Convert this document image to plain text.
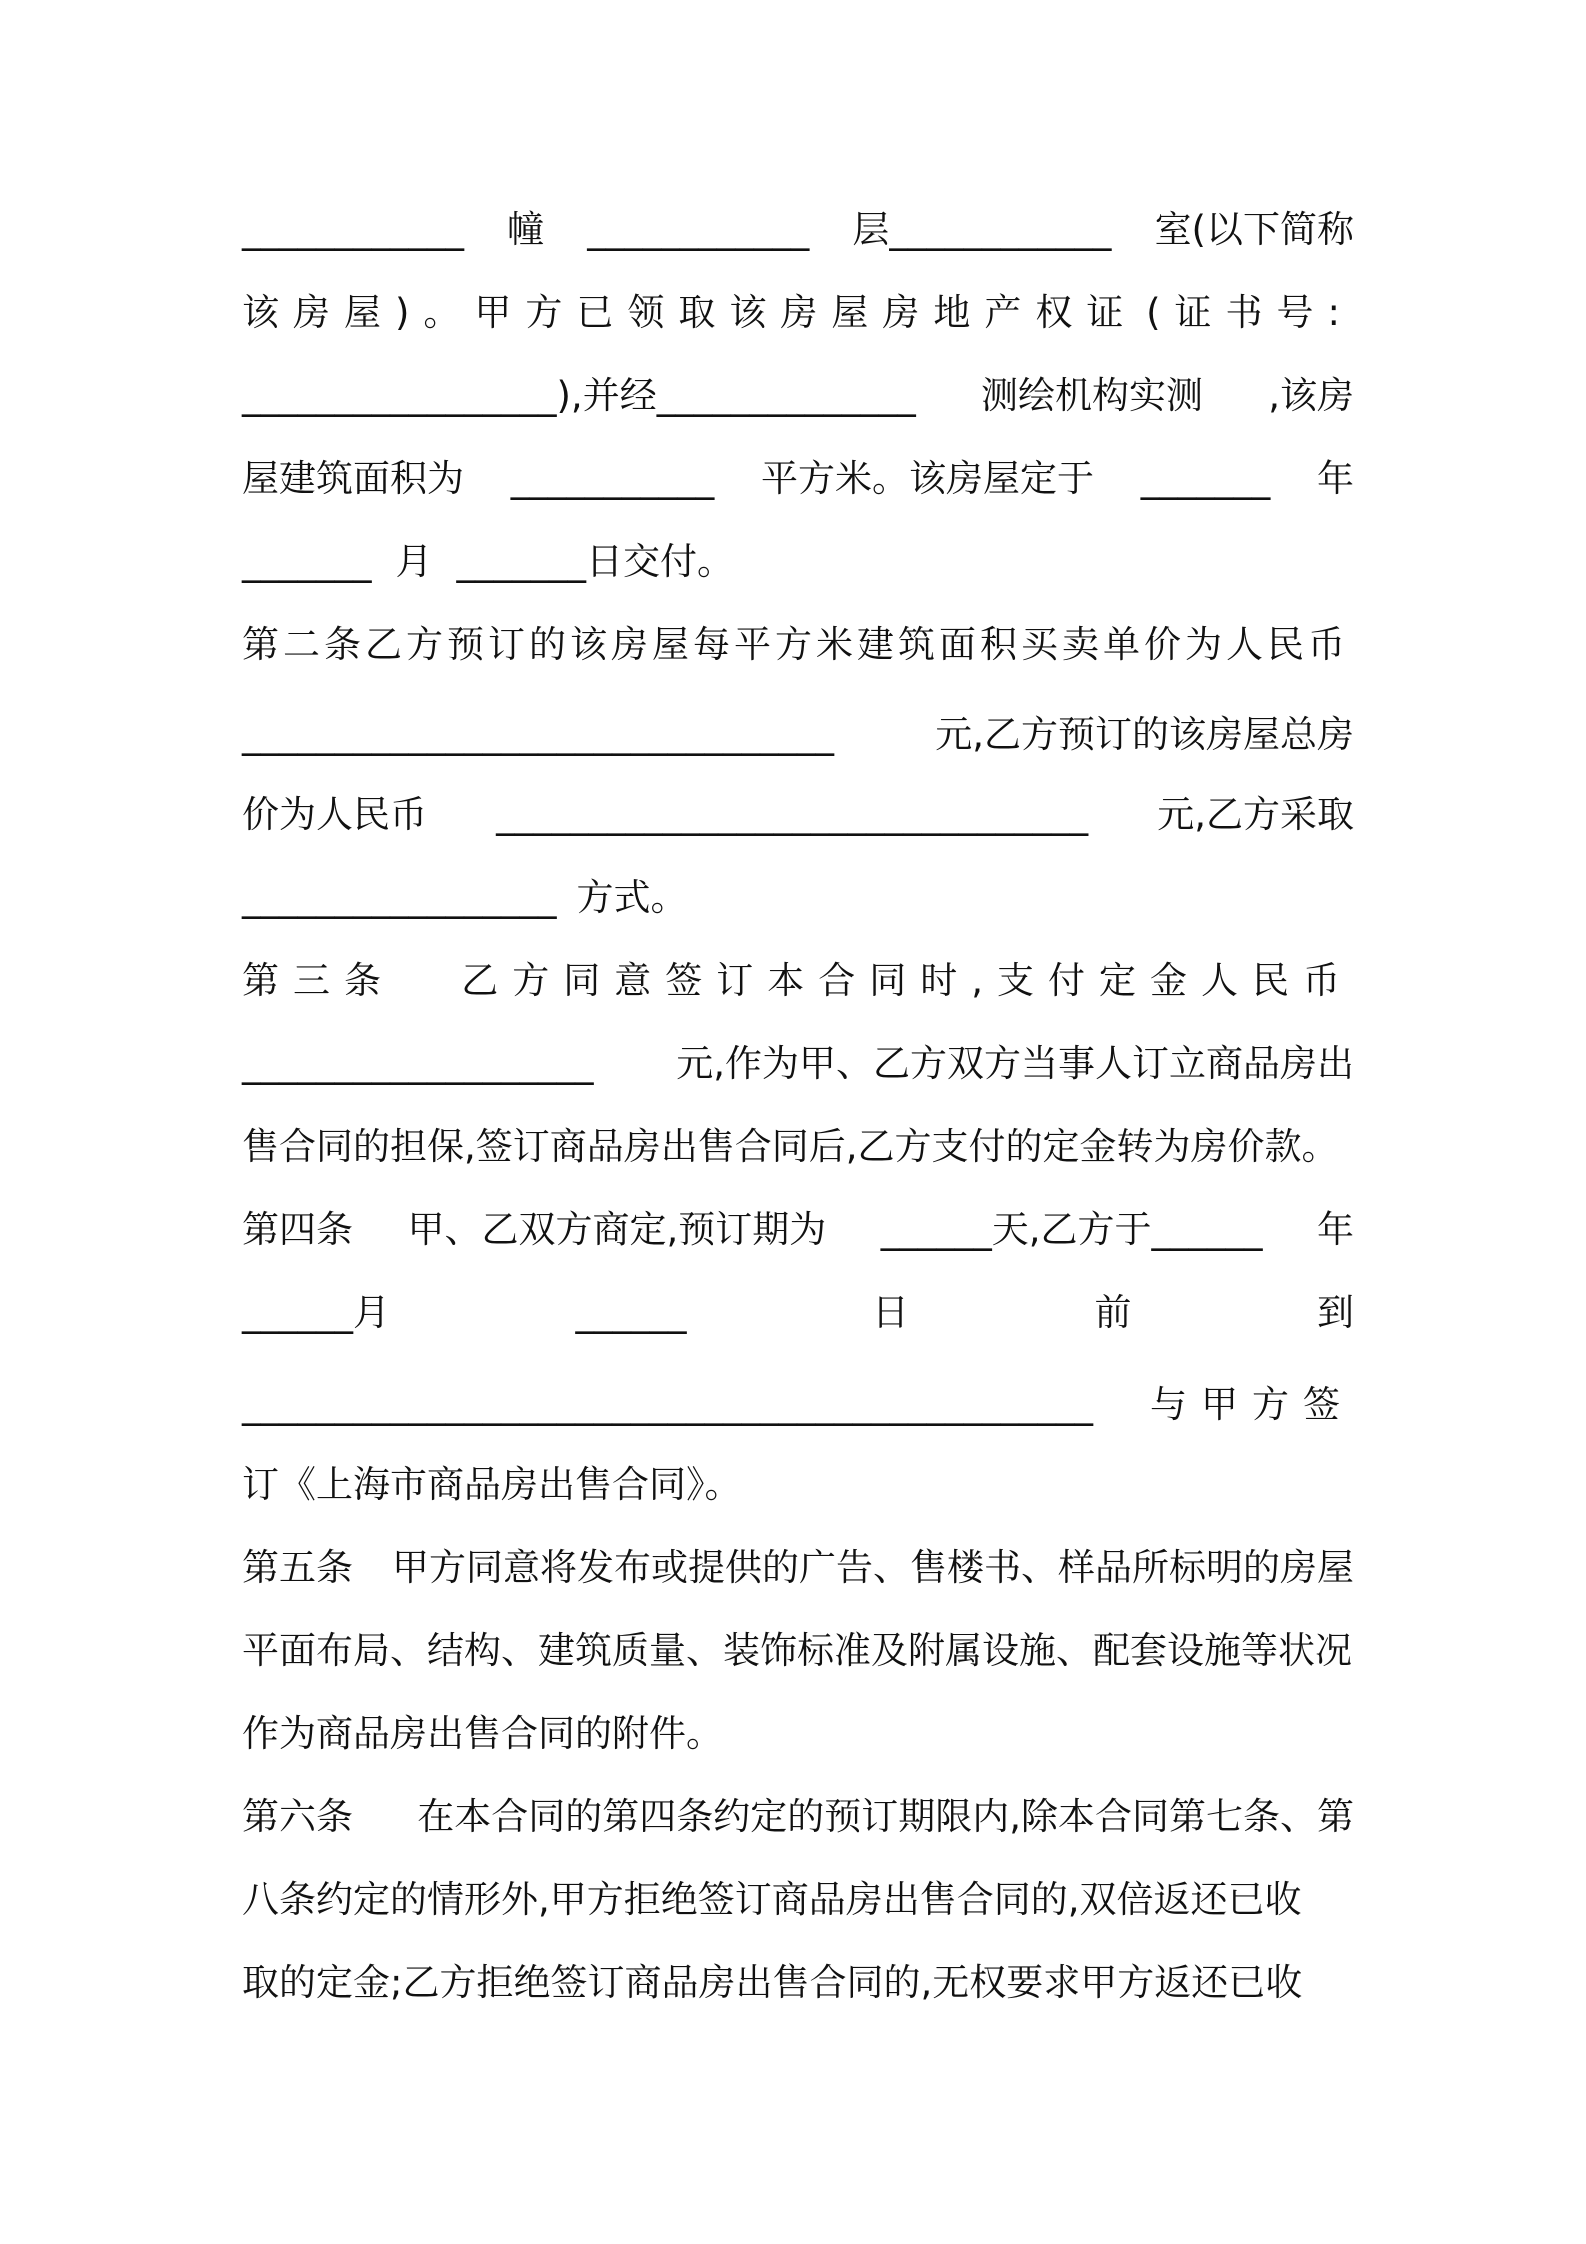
____________ 幢 ____________ 层____________ 室(以下简称
该房屋)。甲方已领取该房屋房地产权证 (证书号:
_________________),并经______________ 测绘机构实测 ,该房
屋建筑面积为 ___________ 平方米。该房屋定于 _______ 年
_______ 月 _______日交付。
第二条乙方预订的该房屋每平方米建筑面积买卖单价为人民币
________________________________	元,乙方预订的该房屋总房
价为人民币 ________________________________ 元,乙方采取
_________________ 方式。
第三条 乙方同意签订本合同时,支付定金人民币
___________________ 元,作为甲、乙方双方当事人订立商品房出
售合同的担保,签订商品房出售合同后,乙方支付的定金转为房价款。
第四条 甲、乙双方商定,预订期为 ______天,乙方于______ 年
______月	______	日	前	到
______________________________________________ 与甲方签
订《上海市商品房出售合同》。
第五条 甲方同意将发布或提供的广告、售楼书、样品所标明的房屋
平面布局、结构、建筑质量、装饰标准及附属设施、配套设施等状况
作为商品房出售合同的附件。
第六条 在本合同的第四条约定的预订期限内,除本合同第七条、第
八条约定的情形外,甲方拒绝签订商品房出售合同的,双倍返还已收
取的定金;乙方拒绝签订商品房出售合同的,无权要求甲方返还已收
